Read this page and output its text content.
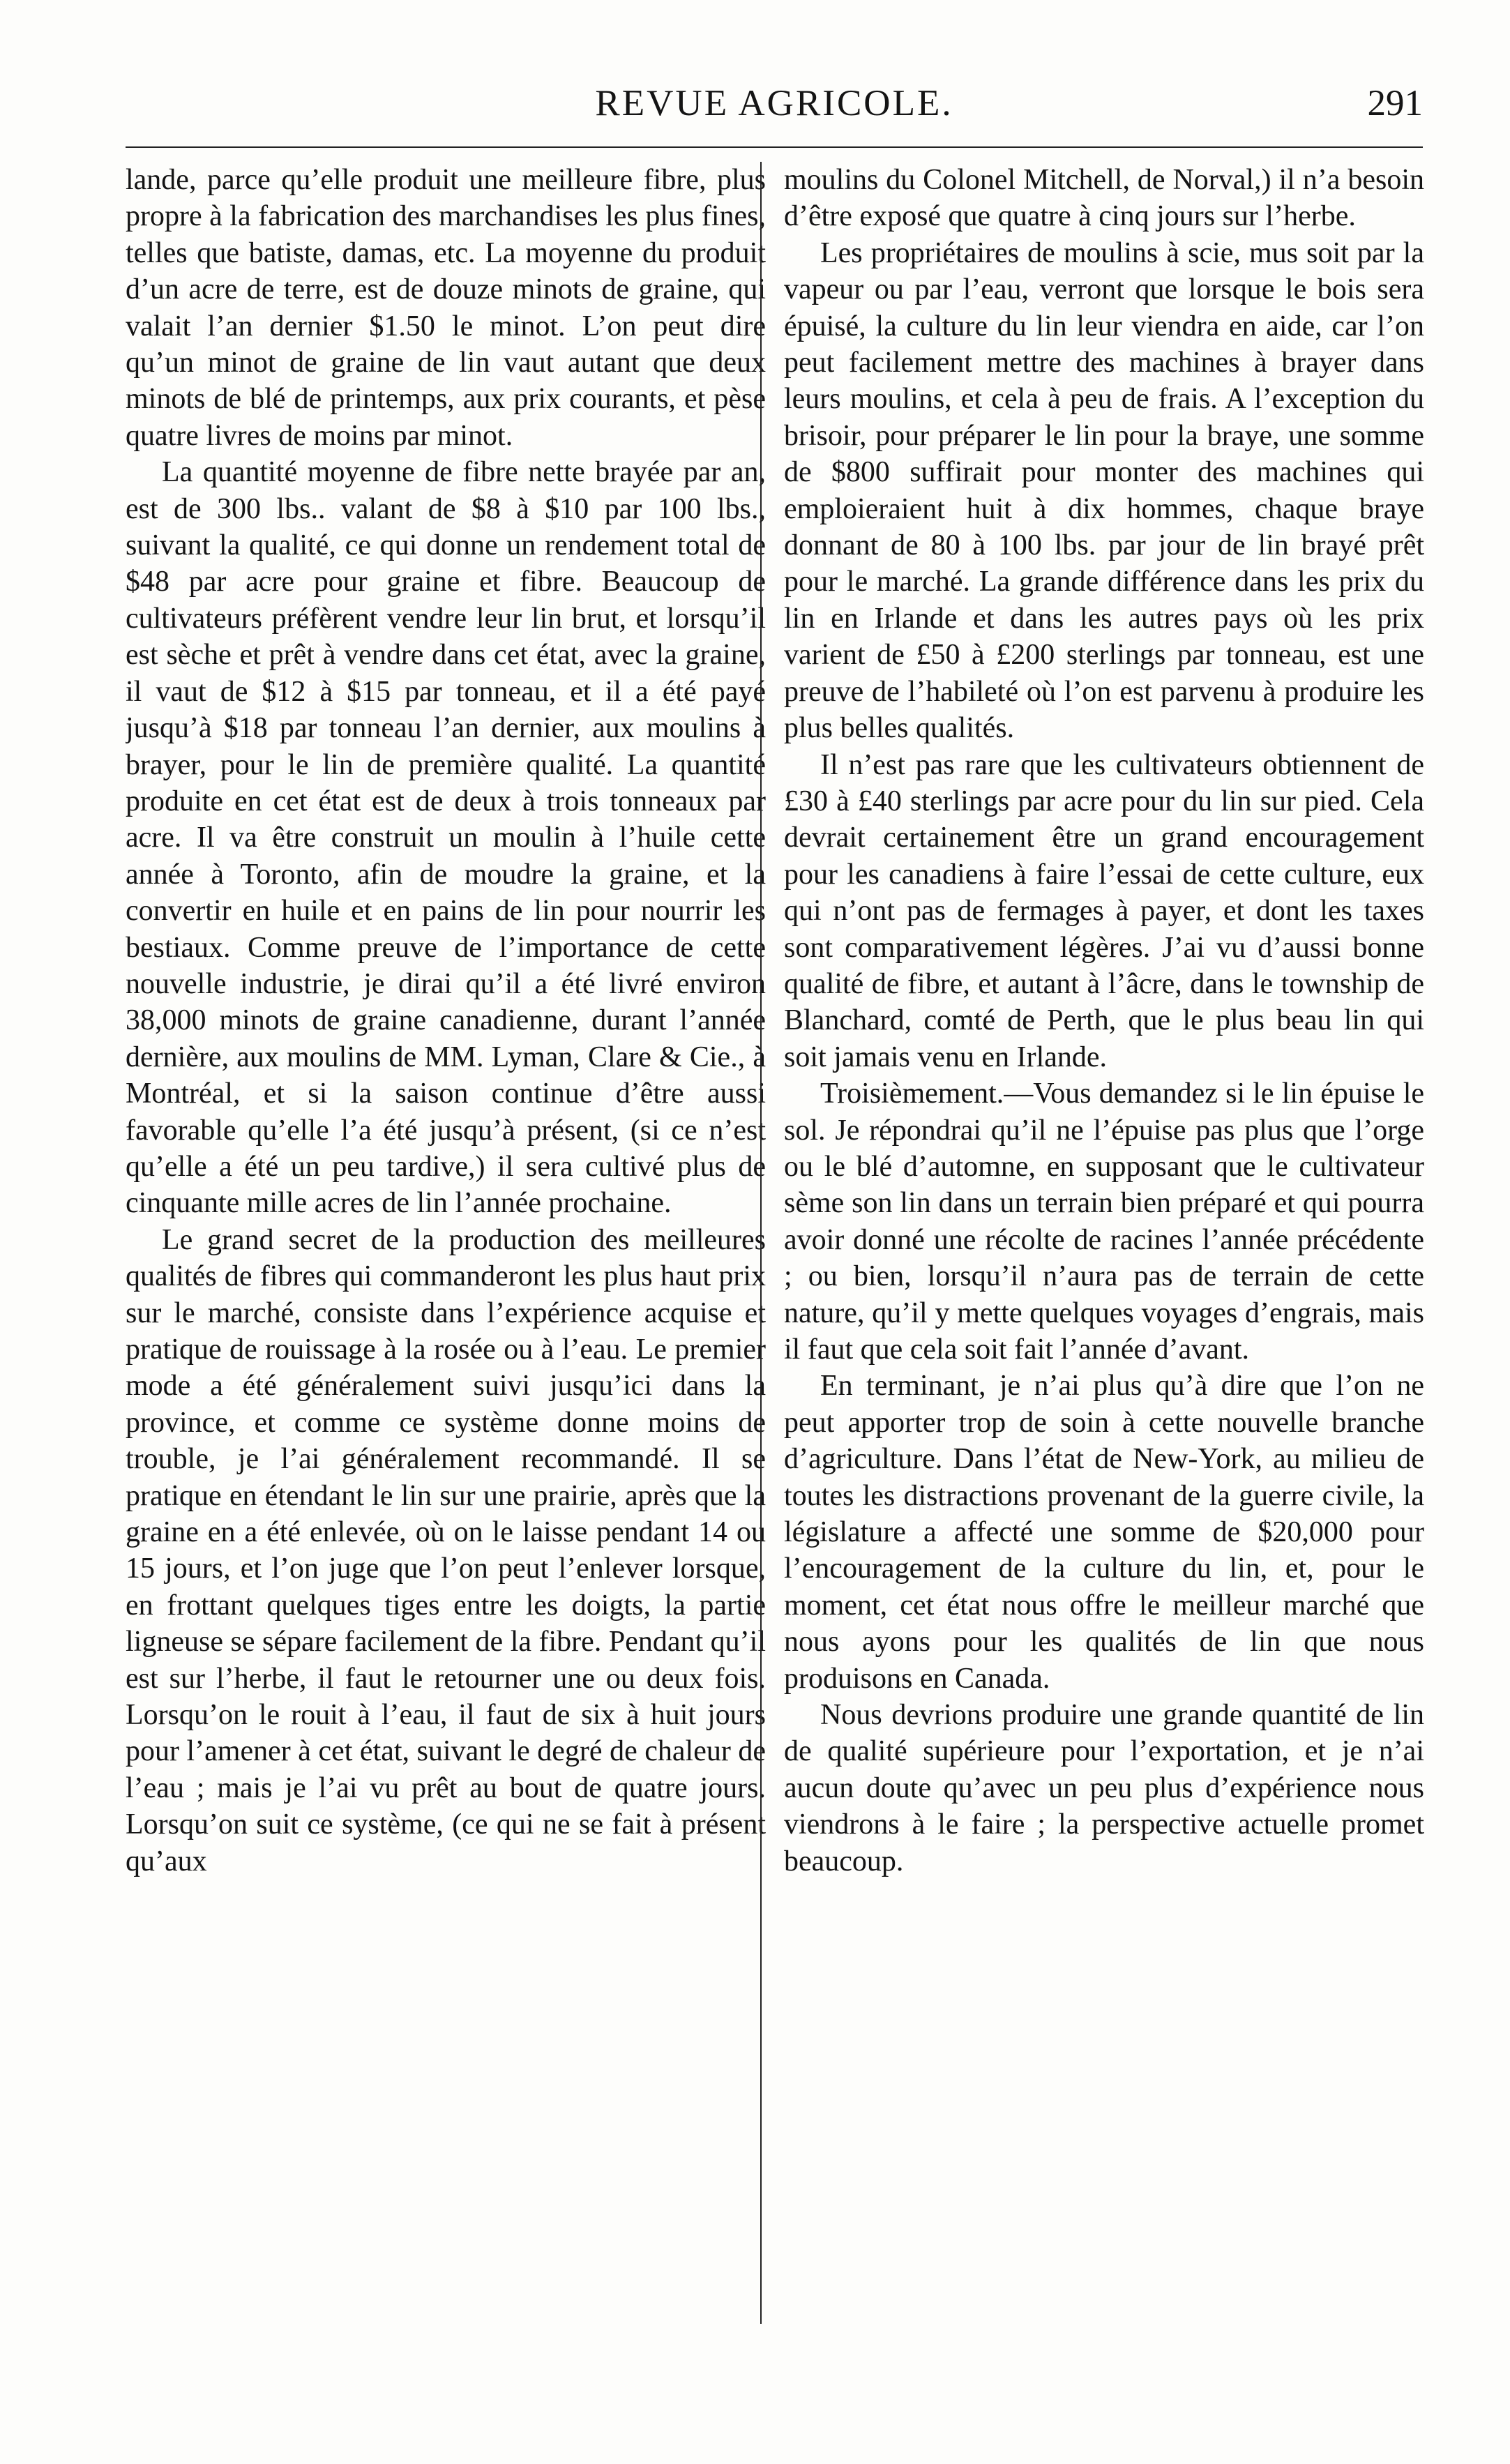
REVUE AGRICOLE.	291

lande, parce qu’elle produit une meilleure fibre, plus propre à la fabrication des marchandises les plus fines, telles que batiste, damas, etc. La moyenne du produit d’un acre de terre, est de douze minots de graine, qui valait l’an dernier $1.50 le minot. L’on peut dire qu’un minot de graine de lin vaut autant que deux minots de blé de printemps, aux prix courants, et pèse quatre livres de moins par minot.

La quantité moyenne de fibre nette brayée par an, est de 300 lbs.. valant de $8 à $10 par 100 lbs., suivant la qualité, ce qui donne un rendement total de $48 par acre pour graine et fibre. Beaucoup de cultivateurs préfèrent vendre leur lin brut, et lorsqu’il est sèche et prêt à vendre dans cet état, avec la graine, il vaut de $12 à $15 par tonneau, et il a été payé jusqu’à $18 par tonneau l’an dernier, aux moulins à brayer, pour le lin de première qualité. La quantité produite en cet état est de deux à trois tonneaux par acre. Il va être construit un moulin à l’huile cette année à Toronto, afin de moudre la graine, et la convertir en huile et en pains de lin pour nourrir les bestiaux. Comme preuve de l’importance de cette nouvelle industrie, je dirai qu’il a été livré environ 38,000 minots de graine canadienne, durant l’année dernière, aux moulins de MM. Lyman, Clare & Cie., à Montréal, et si la saison continue d’être aussi favorable qu’elle l’a été jusqu’à présent, (si ce n’est qu’elle a été un peu tardive,) il sera cultivé plus de cinquante mille acres de lin l’année prochaine.

Le grand secret de la production des meilleures qualités de fibres qui commanderont les plus haut prix sur le marché, consiste dans l’expérience acquise et pratique de rouissage à la rosée ou à l’eau. Le premier mode a été généralement suivi jusqu’ici dans la province, et comme ce système donne moins de trouble, je l’ai généralement recommandé. Il se pratique en étendant le lin sur une prairie, après que la graine en a été enlevée, où on le laisse pendant 14 ou 15 jours, et l’on juge que l’on peut l’enlever lorsque, en frottant quelques tiges entre les doigts, la partie ligneuse se sépare facilement de la fibre. Pendant qu’il est sur l’herbe, il faut le retourner une ou deux fois. Lorsqu’on le rouit à l’eau, il faut de six à huit jours pour l’amener à cet état, suivant le degré de chaleur de l’eau ; mais je l’ai vu prêt au bout de quatre jours. Lorsqu’on suit ce système, (ce qui ne se fait à présent qu’aux

moulins du Colonel Mitchell, de Norval,) il n’a besoin d’être exposé que quatre à cinq jours sur l’herbe.

Les propriétaires de moulins à scie, mus soit par la vapeur ou par l’eau, verront que lorsque le bois sera épuisé, la culture du lin leur viendra en aide, car l’on peut facilement mettre des machines à brayer dans leurs moulins, et cela à peu de frais. A l’exception du brisoir, pour préparer le lin pour la braye, une somme de $800 suffirait pour monter des machines qui emploieraient huit à dix hommes, chaque braye donnant de 80 à 100 lbs. par jour de lin brayé prêt pour le marché. La grande différence dans les prix du lin en Irlande et dans les autres pays où les prix varient de £50 à £200 sterlings par tonneau, est une preuve de l’habileté où l’on est parvenu à produire les plus belles qualités.

Il n’est pas rare que les cultivateurs obtiennent de £30 à £40 sterlings par acre pour du lin sur pied. Cela devrait certainement être un grand encouragement pour les canadiens à faire l’essai de cette culture, eux qui n’ont pas de fermages à payer, et dont les taxes sont comparativement légères. J’ai vu d’aussi bonne qualité de fibre, et autant à l’âcre, dans le township de Blanchard, comté de Perth, que le plus beau lin qui soit jamais venu en Irlande.

Troisièmement.—Vous demandez si le lin épuise le sol. Je répondrai qu’il ne l’épuise pas plus que l’orge ou le blé d’automne, en supposant que le cultivateur sème son lin dans un terrain bien préparé et qui pourra avoir donné une récolte de racines l’année précédente ; ou bien, lorsqu’il n’aura pas de terrain de cette nature, qu’il y mette quelques voyages d’engrais, mais il faut que cela soit fait l’année d’avant.

En terminant, je n’ai plus qu’à dire que l’on ne peut apporter trop de soin à cette nouvelle branche d’agriculture. Dans l’état de New-York, au milieu de toutes les distractions provenant de la guerre civile, la législature a affecté une somme de $20,000 pour l’encouragement de la culture du lin, et, pour le moment, cet état nous offre le meilleur marché que nous ayons pour les qualités de lin que nous produisons en Canada.

Nous devrions produire une grande quantité de lin de qualité supérieure pour l’exportation, et je n’ai aucun doute qu’avec un peu plus d’expérience nous viendrons à le faire ; la perspective actuelle promet beaucoup.
